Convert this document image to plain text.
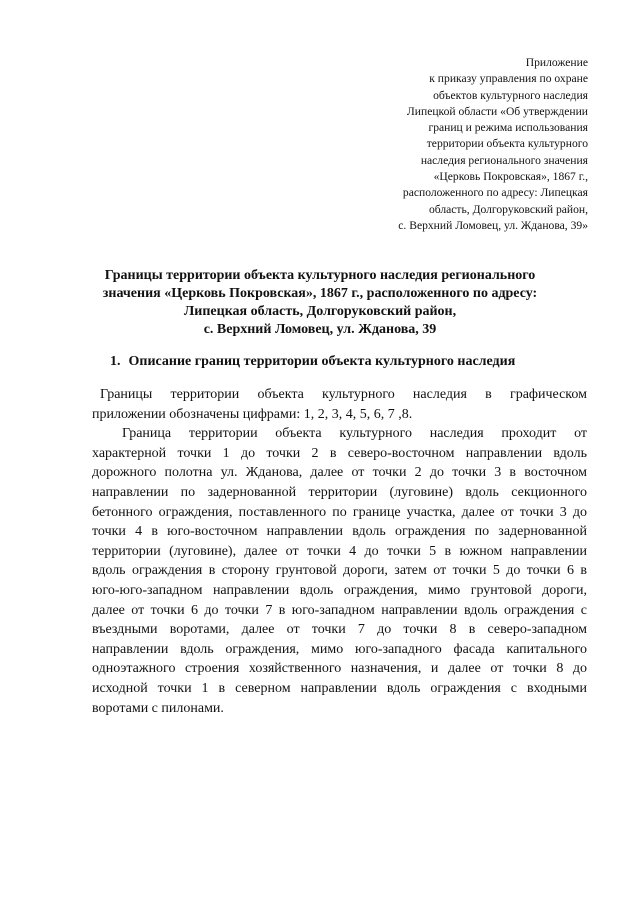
Приложение
к приказу управления по охране
объектов культурного наследия
Липецкой области «Об утверждении
границ и режима использования
территории объекта культурного
наследия регионального значения
«Церковь Покровская», 1867 г.,
расположенного по адресу: Липецкая
область, Долгоруковский район,
с. Верхний Ломовец, ул. Жданова, 39»
Границы территории объекта культурного наследия регионального
значения «Церковь Покровская», 1867 г., расположенного по адресу:
Липецкая область, Долгоруковский район,
с. Верхний Ломовец, ул. Жданова, 39
1. Описание границ территории объекта культурного наследия
Границы территории объекта культурного наследия в графическом
приложении обозначены цифрами: 1, 2, 3, 4, 5, 6, 7 ,8.
Граница территории объекта культурного наследия проходит от
характерной точки 1 до точки 2 в северо-восточном направлении вдоль
дорожного полотна ул. Жданова, далее от точки 2 до точки 3 в восточном
направлении по задернованной территории (луговине) вдоль секционного
бетонного ограждения, поставленного по границе участка, далее от точки 3 до
точки 4 в юго-восточном направлении вдоль ограждения по задернованной
территории (луговине), далее от точки 4 до точки 5 в южном направлении
вдоль ограждения в сторону грунтовой дороги, затем от точки 5 до точки 6 в
юго-юго-западном направлении вдоль ограждения, мимо грунтовой дороги,
далее от точки 6 до точки 7 в юго-западном направлении вдоль ограждения с
въездными воротами, далее от точки 7 до точки 8 в северо-западном
направлении вдоль ограждения, мимо юго-западного фасада капитального
одноэтажного строения хозяйственного назначения, и далее от точки 8 до
исходной точки 1 в северном направлении вдоль ограждения с входными
воротами с пилонами.
